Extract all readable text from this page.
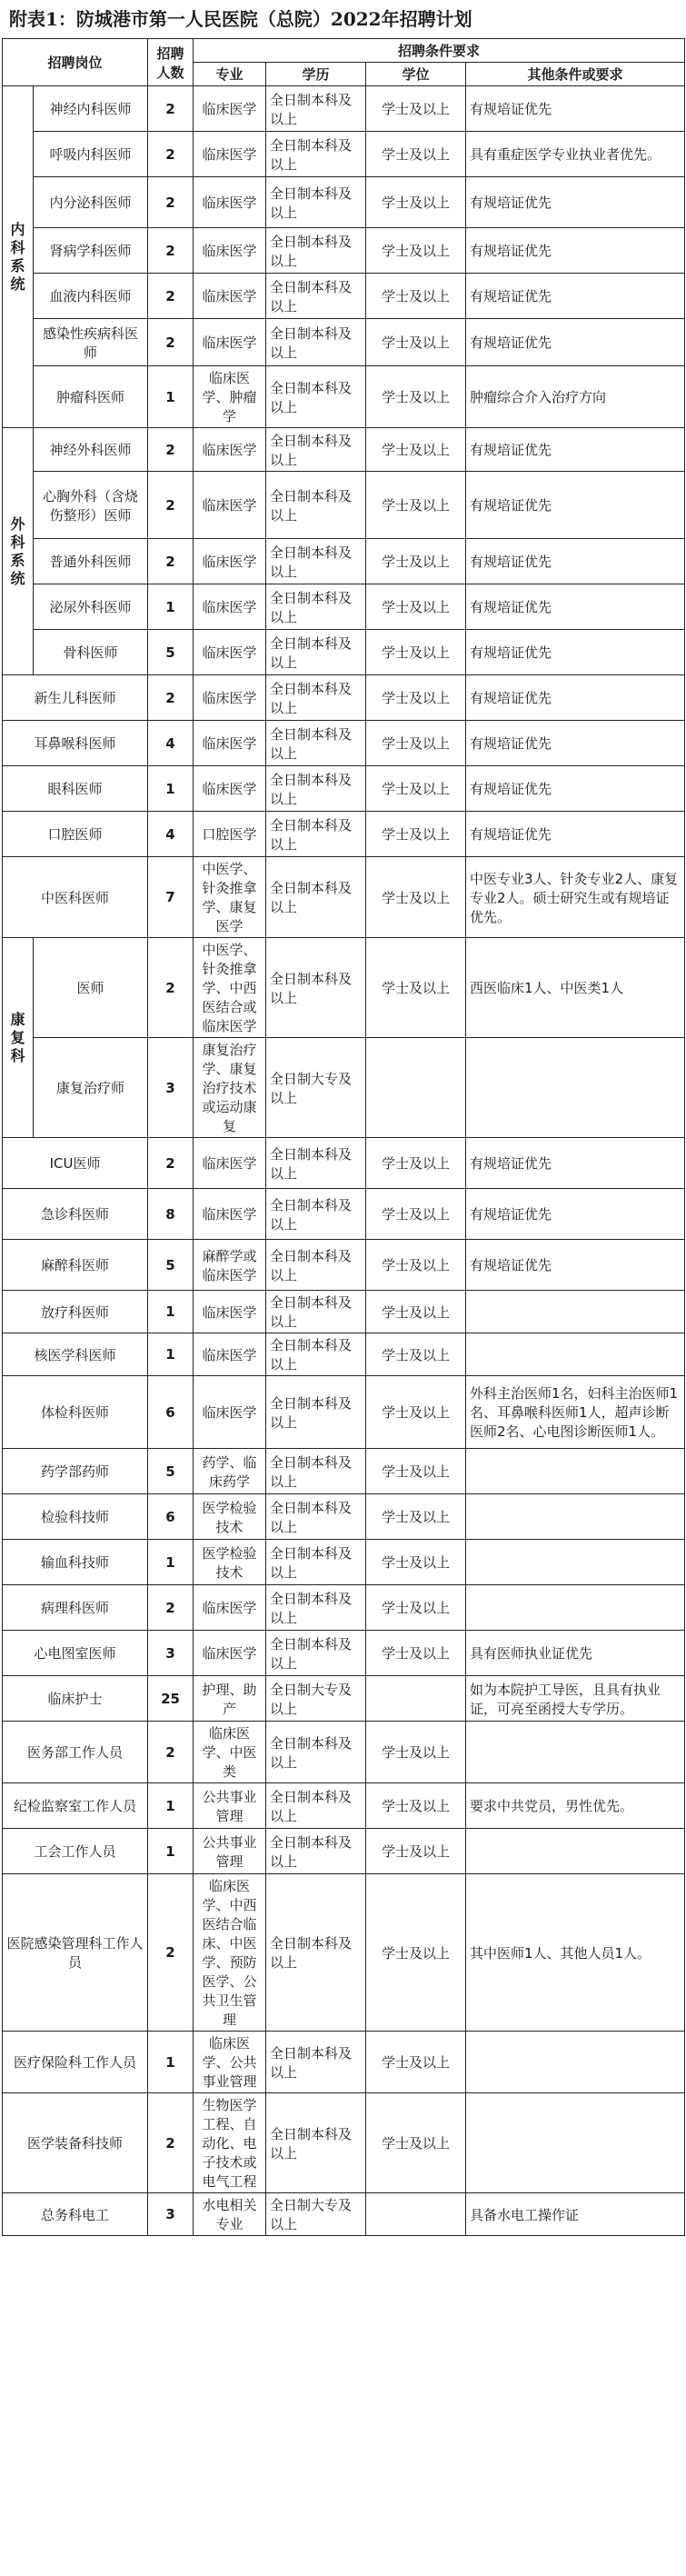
附表1：防城港市第一人民医院（总院）2022年招聘计划
招聘岗位		招聘人数	招聘条件要求			
			专业	学历	学位	其他条件或要求
内科系统	神经内科医师	2	临床医学	全日制本科及以上	学士及以上	有规培证优先
	呼吸内科医师	2	临床医学	全日制本科及以上	学士及以上	具有重症医学专业执业者优先。
	内分泌科医师	2	临床医学	全日制本科及以上	学士及以上	有规培证优先
	肾病学科医师	2	临床医学	全日制本科及以上	学士及以上	有规培证优先
	血液内科医师	2	临床医学	全日制本科及以上	学士及以上	有规培证优先
	感染性疾病科医师	2	临床医学	全日制本科及以上	学士及以上	有规培证优先
	肿瘤科医师	1	临床医学、肿瘤学	全日制本科及以上	学士及以上	肿瘤综合介入治疗方向
外科系统	神经外科医师	2	临床医学	全日制本科及以上	学士及以上	有规培证优先
	心胸外科（含烧伤整形）医师	2	临床医学	全日制本科及以上	学士及以上	有规培证优先
	普通外科医师	2	临床医学	全日制本科及以上	学士及以上	有规培证优先
	泌尿外科医师	1	临床医学	全日制本科及以上	学士及以上	有规培证优先
	骨科医师	5	临床医学	全日制本科及以上	学士及以上	有规培证优先
新生儿科医师		2	临床医学	全日制本科及以上	学士及以上	有规培证优先
耳鼻喉科医师		4	临床医学	全日制本科及以上	学士及以上	有规培证优先
眼科医师		1	临床医学	全日制本科及以上	学士及以上	有规培证优先
口腔医师		4	口腔医学	全日制本科及以上	学士及以上	有规培证优先
中医科医师		7	中医学、针灸推拿学、康复医学	全日制本科及以上	学士及以上	中医专业3人、针灸专业2人、康复专业2人。硕士研究生或有规培证优先。
康复科	医师	2	中医学、针灸推拿学、中西医结合或临床医学	全日制本科及以上	学士及以上	西医临床1人、中医类1人
	康复治疗师	3	康复治疗学、康复治疗技术或运动康复	全日制大专及以上		
ICU医师		2	临床医学	全日制本科及以上	学士及以上	有规培证优先
急诊科医师		8	临床医学	全日制本科及以上	学士及以上	有规培证优先
麻醉科医师		5	麻醉学或临床医学	全日制本科及以上	学士及以上	有规培证优先
放疗科医师		1	临床医学	全日制本科及以上	学士及以上	
核医学科医师		1	临床医学	全日制本科及以上	学士及以上	
体检科医师		6	临床医学	全日制本科及以上	学士及以上	外科主治医师1名，妇科主治医师1名、耳鼻喉科医师1人，超声诊断医师2名、心电图诊断医师1人。
药学部药师		5	药学、临床药学	全日制本科及以上	学士及以上	
检验科技师		6	医学检验技术	全日制本科及以上	学士及以上	
输血科技师		1	医学检验技术	全日制本科及以上	学士及以上	
病理科医师		2	临床医学	全日制本科及以上	学士及以上	
心电图室医师		3	临床医学	全日制本科及以上	学士及以上	具有医师执业证优先
临床护士		25	护理、助产	全日制大专及以上		如为本院护工导医，且具有执业证，可亮至函授大专学历。
医务部工作人员		2	临床医学、中医类	全日制本科及以上	学士及以上	
纪检监察室工作人员		1	公共事业管理	全日制本科及以上	学士及以上	要求中共党员，男性优先。
工会工作人员		1	公共事业管理	全日制本科及以上	学士及以上	
医院感染管理科工作人员		2	临床医学、中西医结合临床、中医学、预防医学、公共卫生管理	全日制本科及以上	学士及以上	其中医师1人、其他人员1人。
医疗保险科工作人员		1	临床医学、公共事业管理	全日制本科及以上	学士及以上	
医学装备科技师		2	生物医学工程、自动化、电子技术或电气工程	全日制本科及以上	学士及以上	
总务科电工		3	水电相关专业	全日制大专及以上		具备水电工操作证
